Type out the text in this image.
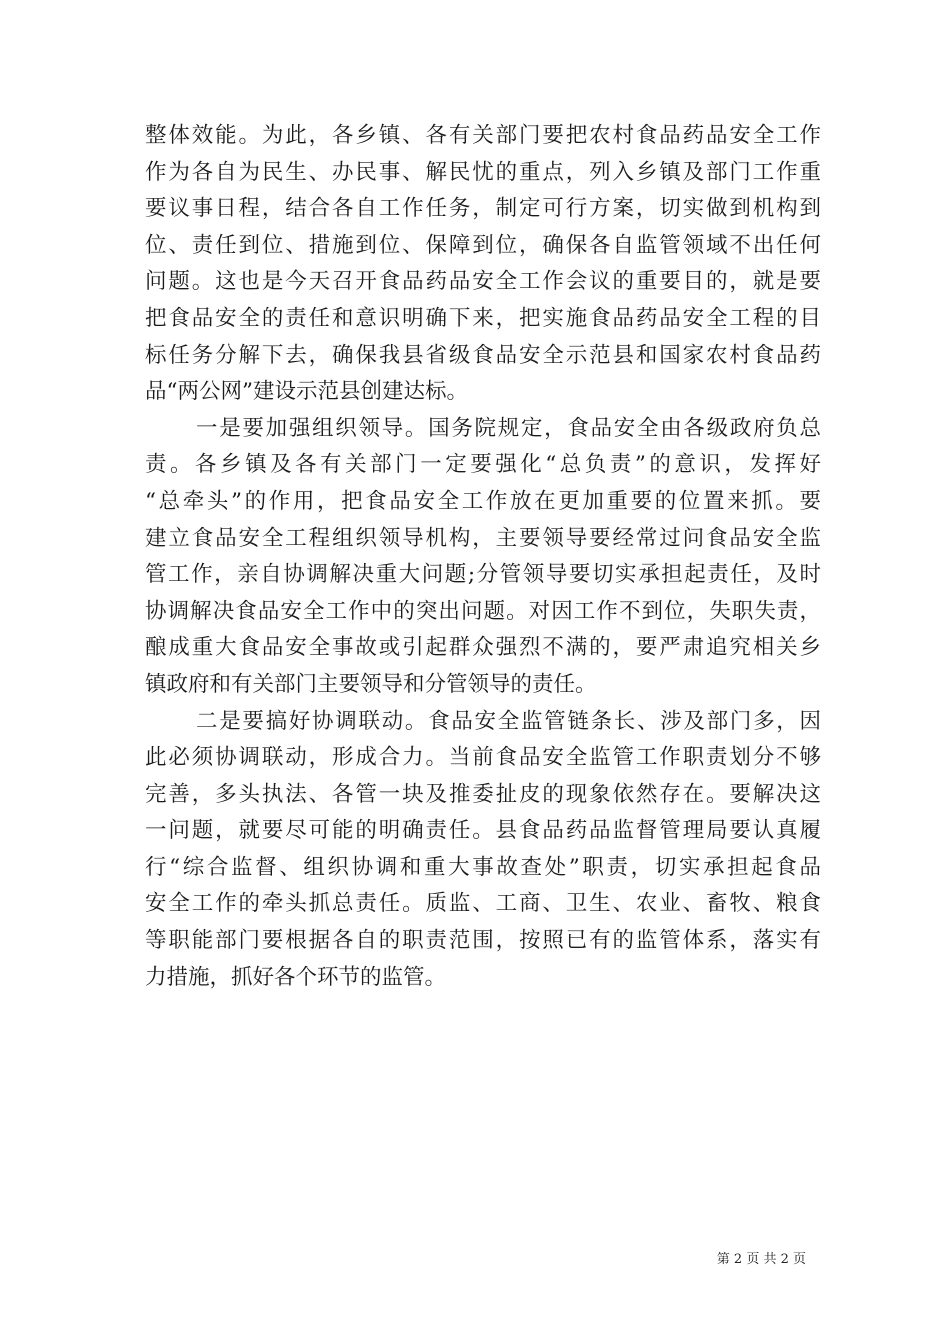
整体效能。为此，各乡镇、各有关部门要把农村食品药品安全工作
作为各自为民生、办民事、解民忧的重点，列入乡镇及部门工作重
要议事日程，结合各自工作任务，制定可行方案，切实做到机构到
位、责任到位、措施到位、保障到位，确保各自监管领域不出任何
问题。这也是今天召开食品药品安全工作会议的重要目的，就是要
把食品安全的责任和意识明确下来，把实施食品药品安全工程的目
标任务分解下去，确保我县省级食品安全示范县和国家农村食品药
品“两公网”建设示范县创建达标。
一是要加强组织领导。国务院规定，食品安全由各级政府负总
责。各乡镇及各有关部门一定要强化“总负责”的意识，发挥好
“总牵头”的作用，把食品安全工作放在更加重要的位置来抓。要
建立食品安全工程组织领导机构，主要领导要经常过问食品安全监
管工作，亲自协调解决重大问题;分管领导要切实承担起责任，及时
协调解决食品安全工作中的突出问题。对因工作不到位，失职失责，
酿成重大食品安全事故或引起群众强烈不满的，要严肃追究相关乡
镇政府和有关部门主要领导和分管领导的责任。
二是要搞好协调联动。食品安全监管链条长、涉及部门多，因
此必须协调联动，形成合力。当前食品安全监管工作职责划分不够
完善，多头执法、各管一块及推委扯皮的现象依然存在。要解决这
一问题，就要尽可能的明确责任。县食品药品监督管理局要认真履
行“综合监督、组织协调和重大事故查处”职责，切实承担起食品
安全工作的牵头抓总责任。质监、工商、卫生、农业、畜牧、粮食
等职能部门要根据各自的职责范围，按照已有的监管体系，落实有
力措施，抓好各个环节的监管。
第 2 页 共 2 页
